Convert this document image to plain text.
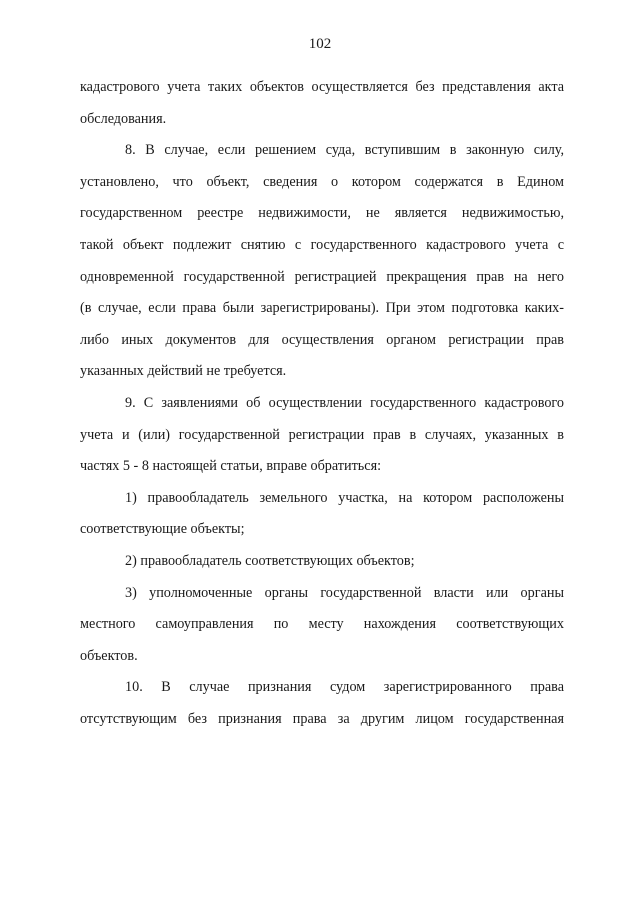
102
кадастрового учета таких объектов осуществляется без представления акта
обследования.
8. В случае, если решением суда, вступившим в законную силу,
установлено, что объект, сведения о котором содержатся в Едином
государственном реестре недвижимости, не является недвижимостью,
такой объект подлежит снятию с государственного кадастрового учета с
одновременной государственной регистрацией прекращения прав на него
(в случае, если права были зарегистрированы). При этом подготовка каких-
либо иных документов для осуществления органом регистрации прав
указанных действий не требуется.
9. С заявлениями об осуществлении государственного кадастрового
учета и (или) государственной регистрации прав в случаях, указанных в
частях 5 - 8 настоящей статьи, вправе обратиться:
1) правообладатель земельного участка, на котором расположены
соответствующие объекты;
2) правообладатель соответствующих объектов;
3) уполномоченные органы государственной власти или органы
местного самоуправления по месту нахождения соответствующих
объектов.
10. В случае признания судом зарегистрированного права
отсутствующим без признания права за другим лицом государственная
